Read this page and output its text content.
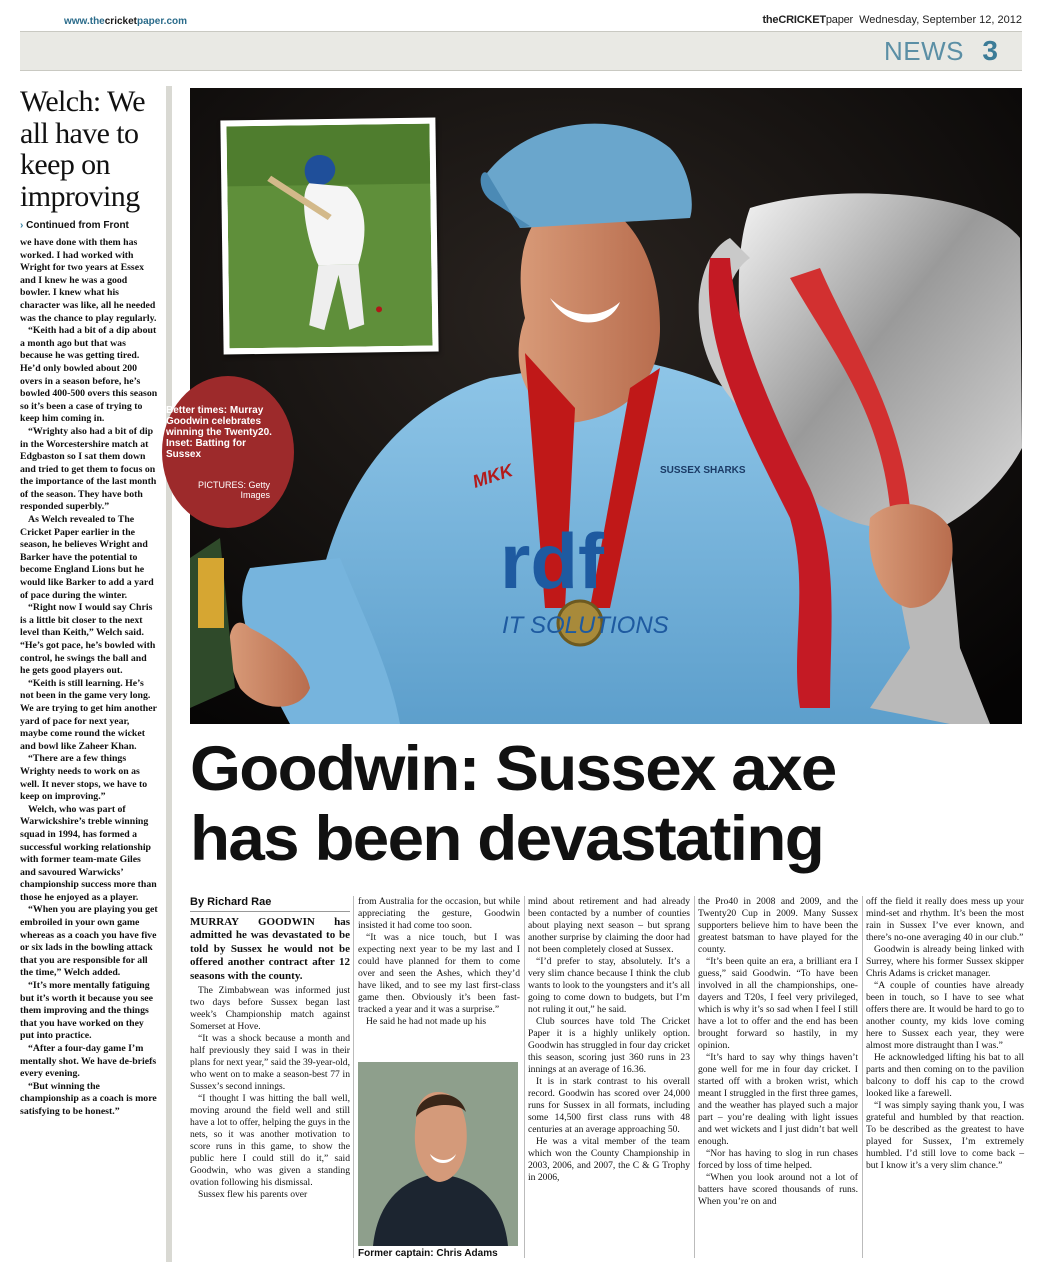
www.thecricketpaper.com	theCRICKETpaper Wednesday, September 12, 2012
NEWS 3
Welch: We all have to keep on improving
› Continued from Front

we have done with them has worked. I had worked with Wright for two years at Essex and I knew he was a good bowler. I knew what his character was like, all he needed was the chance to play regularly.

“Keith had a bit of a dip about a month ago but that was because he was getting tired. He’d only bowled about 200 overs in a season before, he’s bowled 400-500 overs this season so it’s been a case of trying to keep him coming in.

“Wrighty also had a bit of dip in the Worcestershire match at Edgbaston so I sat them down and tried to get them to focus on the importance of the last month of the season. They have both responded superbly.”

As Welch revealed to The Cricket Paper earlier in the season, he believes Wright and Barker have the potential to become England Lions but he would like Barker to add a yard of pace during the winter.

“Right now I would say Chris is a little bit closer to the next level than Keith,” Welch said. “He’s got pace, he’s bowled with control, he swings the ball and he gets good players out.

“Keith is still learning. He’s not been in the game very long. We are trying to get him another yard of pace for next year, maybe come round the wicket and bowl like Zaheer Khan.

“There are a few things Wrighty needs to work on as well. It never stops, we have to keep on improving.”

Welch, who was part of Warwickshire’s treble winning squad in 1994, has formed a successful working relationship with former team-mate Giles and savoured Warwicks’ championship success more than those he enjoyed as a player.

“When you are playing you get embroiled in your own game whereas as a coach you have five or six lads in the bowling attack that you are responsible for all the time,” Welch added.

“It’s more mentally fatiguing but it’s worth it because you see them improving and the things that you have worked on they put into practice.

“After a four-day game I’m mentally shot. We have de-briefs every evening.

“But winning the championship as a coach is more satisfying to be honest.”

rdf
IT SOLUTIONS
MKK	SUSSEX SHARKS
Better times: Murray Goodwin celebrates winning the Twenty20. Inset: Batting for Sussex
PICTURES: Getty Images
Goodwin: Sussex axe
has been devastating
By Richard Rae
MURRAY GOODWIN has admitted he was devastated to be told by Sussex he would not be offered another contract after 12 seasons with the county.

The Zimbabwean was informed just two days before Sussex began last week’s Championship match against Somerset at Hove.

“It was a shock because a month and half previously they said I was in their plans for next year,” said the 39-year-old, who went on to make a season-best 77 in Sussex’s second innings.

“I thought I was hitting the ball well, moving around the field well and still have a lot to offer, helping the guys in the nets, so it was another motivation to score runs in this game, to show the public here I could still do it,” said Goodwin, who was given a standing ovation following his dismissal.

Sussex flew his parents over

from Australia for the occasion, but while appreciating the gesture, Goodwin insisted it had come too soon.

“It was a nice touch, but I was expecting next year to be my last and I could have planned for them to come over and seen the Ashes, which they’d have liked, and to see my last first-class game then. Obviously it’s been fast-tracked a year and it was a surprise.”

He said he had not made up his

Former captain: Chris Adams

mind about retirement and had already been contacted by a number of counties about playing next season – but sprang another surprise by claiming the door had not been completely closed at Sussex.

“I’d prefer to stay, absolutely. It’s a very slim chance because I think the club wants to look to the youngsters and it’s all going to come down to budgets, but I’m not ruling it out,” he said.

Club sources have told The Cricket Paper it is a highly unlikely option. Goodwin has struggled in four day cricket this season, scoring just 360 runs in 23 innings at an average of 16.36.

It is in stark contrast to his overall record. Goodwin has scored over 24,000 runs for Sussex in all formats, including some 14,500 first class runs with 48 centuries at an average approaching 50.

He was a vital member of the team which won the County Championship in 2003, 2006, and 2007, the C & G Trophy in 2006,

the Pro40 in 2008 and 2009, and the Twenty20 Cup in 2009. Many Sussex supporters believe him to have been the greatest batsman to have played for the county.

“It’s been quite an era, a brilliant era I guess,” said Goodwin. “To have been involved in all the championships, one-dayers and T20s, I feel very privileged, which is why it’s so sad when I feel I still have a lot to offer and the end has been brought forward so hastily, in my opinion.

“It’s hard to say why things haven’t gone well for me in four day cricket. I started off with a broken wrist, which meant I struggled in the first three games, and the weather has played such a major part – you’re dealing with light issues and wet wickets and I just didn’t bat well enough.

“Nor has having to slog in run chases forced by loss of time helped.

“When you look around not a lot of batters have scored thousands of runs. When you’re on and

off the field it really does mess up your mind-set and rhythm. It’s been the most rain in Sussex I’ve ever known, and there’s no-one averaging 40 in our club.”

Goodwin is already being linked with Surrey, where his former Sussex skipper Chris Adams is cricket manager.

“A couple of counties have already been in touch, so I have to see what offers there are. It would be hard to go to another county, my kids love coming here to Sussex each year, they were almost more distraught than I was.”

He acknowledged lifting his bat to all parts and then coming on to the pavilion balcony to doff his cap to the crowd looked like a farewell.

“I was simply saying thank you, I was grateful and humbled by that reaction. To be described as the greatest to have played for Sussex, I’m extremely humbled. I’d still love to come back – but I know it’s a very slim chance.”
